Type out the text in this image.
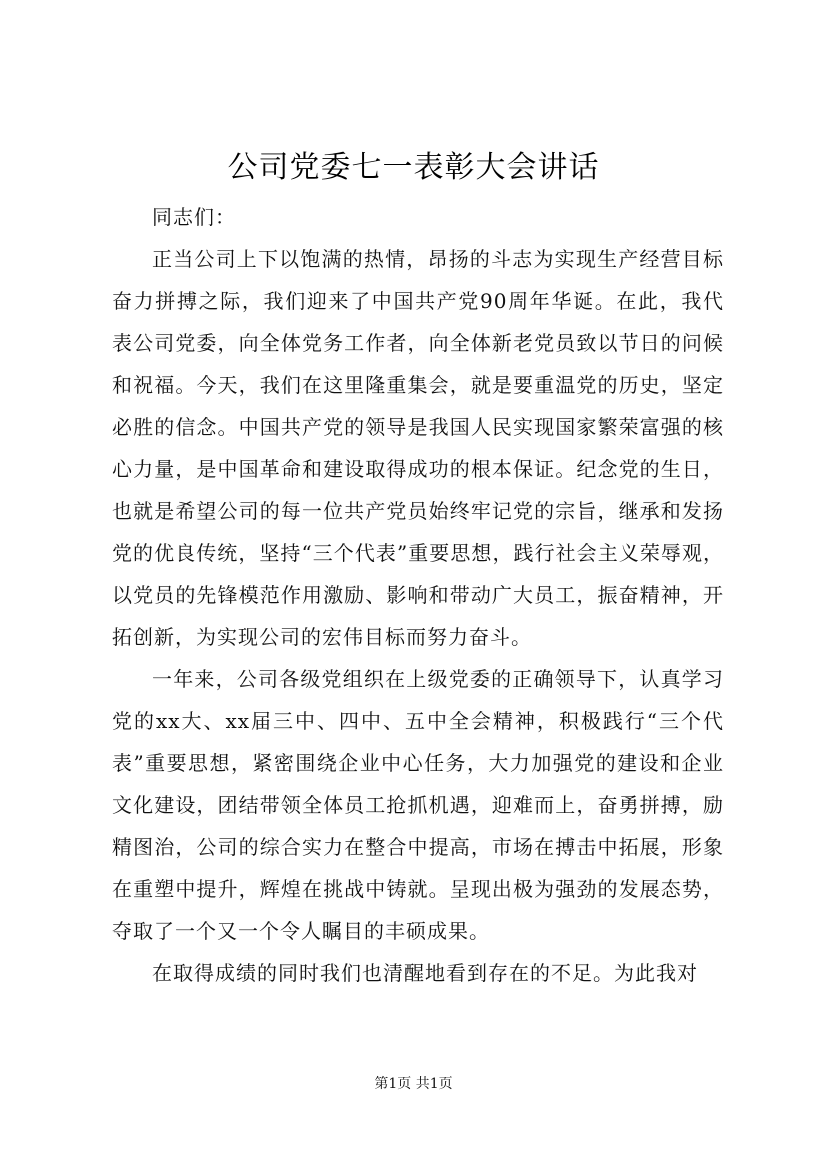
公司党委七一表彰大会讲话

同志们：

正当公司上下以饱满的热情，昂扬的斗志为实现生产经营目标奋力拼搏之际，我们迎来了中国共产党90周年华诞。在此，我代表公司党委，向全体党务工作者，向全体新老党员致以节日的问候和祝福。今天，我们在这里隆重集会，就是要重温党的历史，坚定必胜的信念。中国共产党的领导是我国人民实现国家繁荣富强的核心力量，是中国革命和建设取得成功的根本保证。纪念党的生日，也就是希望公司的每一位共产党员始终牢记党的宗旨，继承和发扬党的优良传统，坚持“三个代表”重要思想，践行社会主义荣辱观，以党员的先锋模范作用激励、影响和带动广大员工，振奋精神，开拓创新，为实现公司的宏伟目标而努力奋斗。

一年来，公司各级党组织在上级党委的正确领导下，认真学习党的xx大、xx届三中、四中、五中全会精神，积极践行“三个代表”重要思想，紧密围绕企业中心任务，大力加强党的建设和企业文化建设，团结带领全体员工抢抓机遇，迎难而上，奋勇拼搏，励精图治，公司的综合实力在整合中提高，市场在搏击中拓展，形象在重塑中提升，辉煌在挑战中铸就。呈现出极为强劲的发展态势，夺取了一个又一个令人瞩目的丰硕成果。

在取得成绩的同时我们也清醒地看到存在的不足。为此我对

第1页 共1页
